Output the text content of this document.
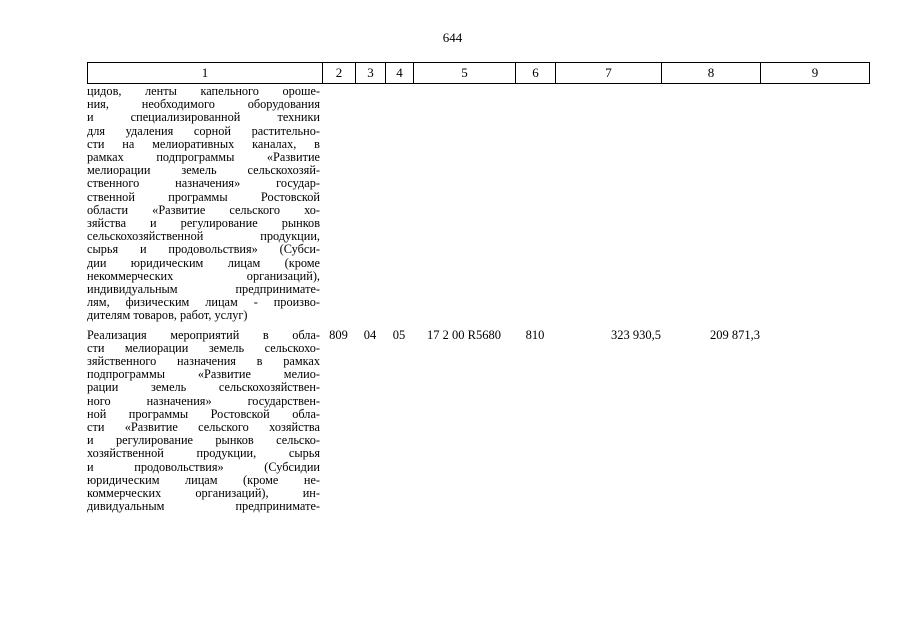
644
1	2	3	4	5	6	7	8	9
цидов, ленты капельного ороше-
ния, необходимого оборудования
и специализированной техники
для удаления сорной растительно-
сти на мелиоративных каналах, в
рамках подпрограммы «Развитие
мелиорации земель сельскохозяй-
ственного назначения» государ-
ственной программы Ростовской
области «Развитие сельского хо-
зяйства и регулирование рынков
сельскохозяйственной продукции,
сырья и продовольствия» (Субси-
дии юридическим лицам (кроме
некоммерческих организаций),
индивидуальным предпринимате-
лям, физическим лицам - произво-
дителям товаров, работ, услуг)
Реализация мероприятий в обла-
сти мелиорации земель сельскохо-
зяйственного назначения в рамках
подпрограммы «Развитие мелио-
рации земель сельскохозяйствен-
ного назначения» государствен-
ной программы Ростовской обла-
сти «Развитие сельского хозяйства
и регулирование рынков сельско-
хозяйственной продукции, сырья
и продовольствия» (Субсидии
юридическим лицам (кроме не-
коммерческих организаций), ин-
дивидуальным предпринимате-
809	04	05	17 2 00 R5680	810	323 930,5	209 871,3
